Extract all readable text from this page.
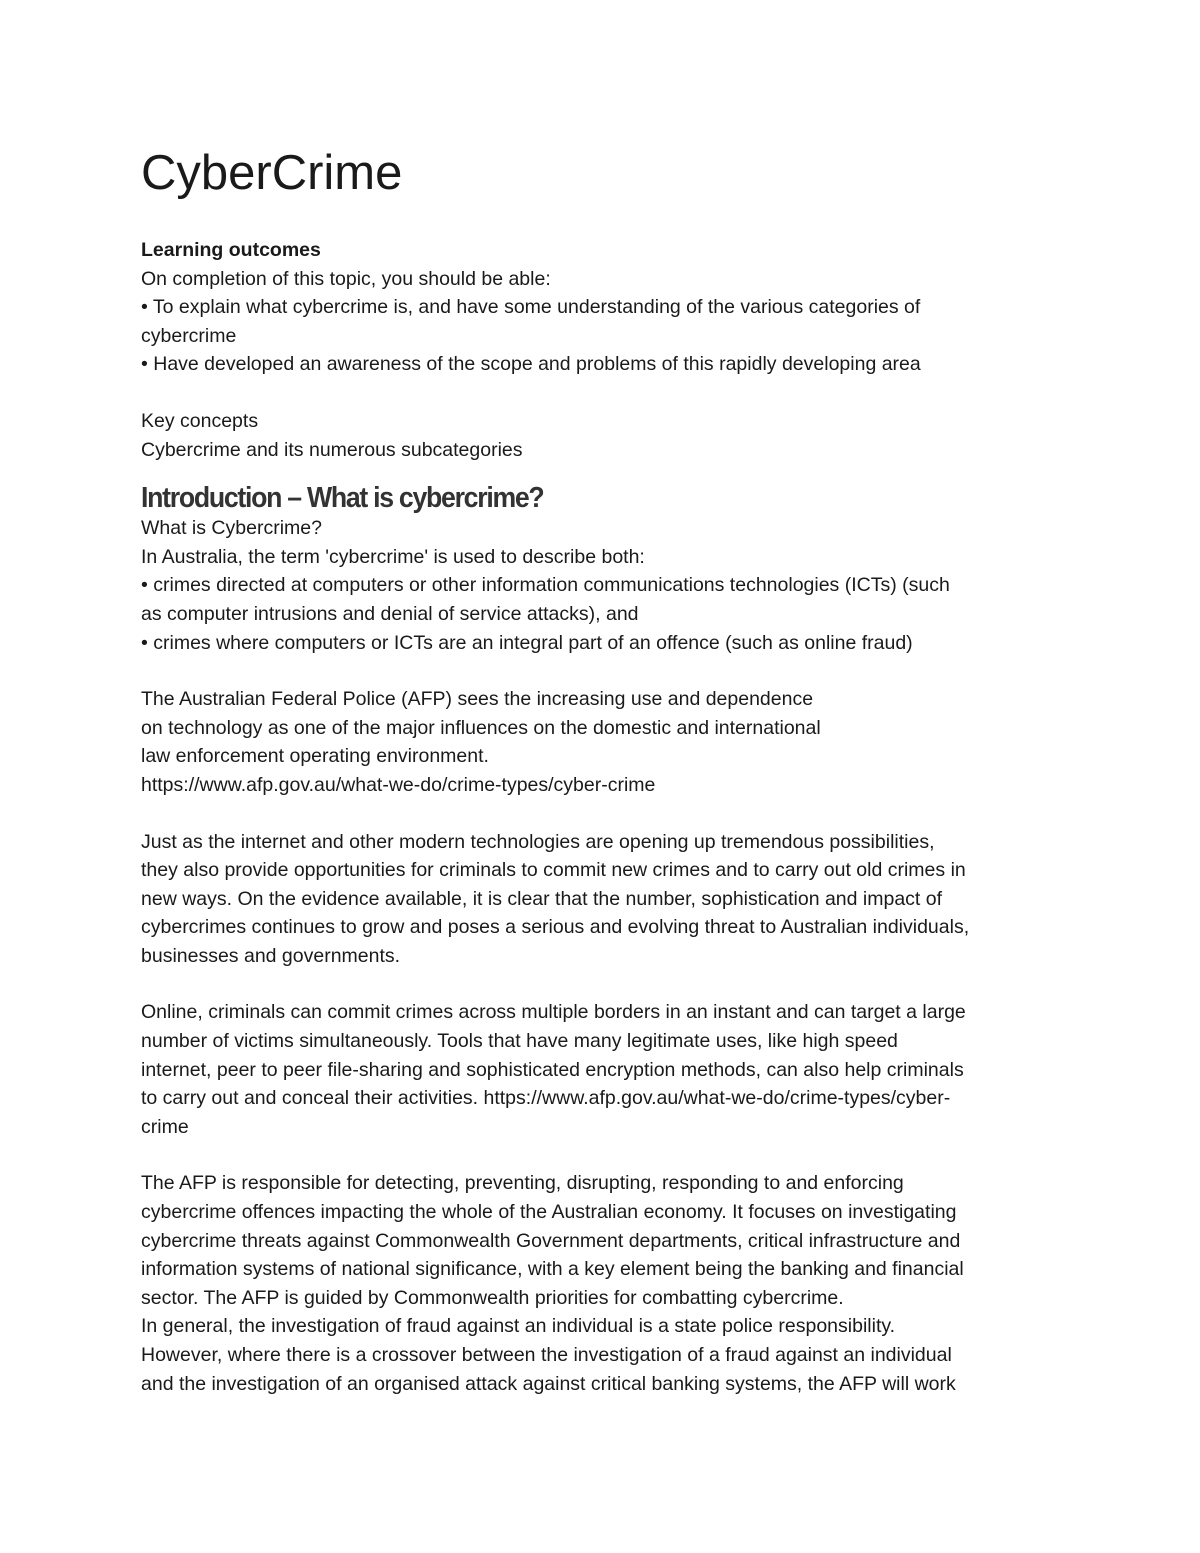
CyberCrime

Learning outcomes

On completion of this topic, you should be able:

• To explain what cybercrime is, and have some understanding of the various categories of

cybercrime

• Have developed an awareness of the scope and problems of this rapidly developing area

Key concepts

Cybercrime and its numerous subcategories

Introduction – What is cybercrime?

What is Cybercrime?

In Australia, the term 'cybercrime' is used to describe both:

• crimes directed at computers or other information communications technologies (ICTs) (such

as computer intrusions and denial of service attacks), and

• crimes where computers or ICTs are an integral part of an offence (such as online fraud)

The Australian Federal Police (AFP) sees the increasing use and dependence

on technology as one of the major influences on the domestic and international

law enforcement operating environment.

https://www.afp.gov.au/what-we-do/crime-types/cyber-crime

Just as the internet and other modern technologies are opening up tremendous possibilities,

they also provide opportunities for criminals to commit new crimes and to carry out old crimes in

new ways. On the evidence available, it is clear that the number, sophistication and impact of

cybercrimes continues to grow and poses a serious and evolving threat to Australian individuals,

businesses and governments.

Online, criminals can commit crimes across multiple borders in an instant and can target a large

number of victims simultaneously. Tools that have many legitimate uses, like high speed

internet, peer to peer file-sharing and sophisticated encryption methods, can also help criminals

to carry out and conceal their activities. https://www.afp.gov.au/what-we-do/crime-types/cyber-

crime

The AFP is responsible for detecting, preventing, disrupting, responding to and enforcing

cybercrime offences impacting the whole of the Australian economy. It focuses on investigating

cybercrime threats against Commonwealth Government departments, critical infrastructure and

information systems of national significance, with a key element being the banking and financial

sector. The AFP is guided by Commonwealth priorities for combatting cybercrime.

In general, the investigation of fraud against an individual is a state police responsibility.

However, where there is a crossover between the investigation of a fraud against an individual

and the investigation of an organised attack against critical banking systems, the AFP will work
